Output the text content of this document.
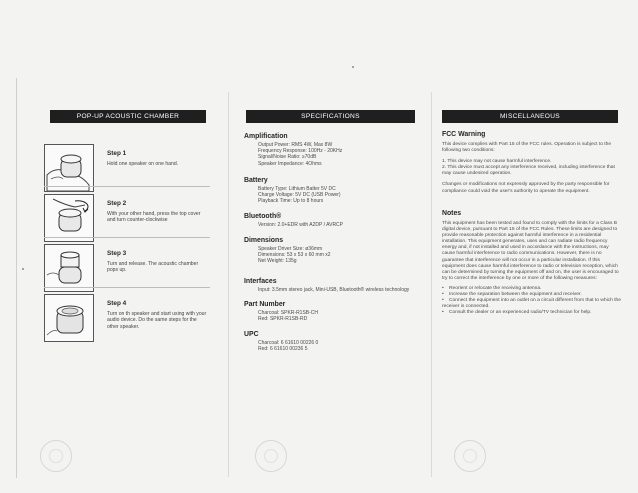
POP-UP ACOUSTIC CHAMBER
Step 1
Hold one speaker on one hand.
Step 2
With your other hand, press the top cover and turn counter-clockwise
Step 3
Turn and release. The acoustic chamber pops up.
Step 4
Turn on th speaker and start using with your audio device. Do the same steps for the other speaker.
SPECIFICATIONS
Amplification
Output Power: RMS 4W, Max 8W
Frequency Response: 100Hz - 20KHz
Signal/Noise Ratio: ≥70dB
Speaker Impedance: 4Ohms
Battery
Battery Type: Lithium Batter 5V DC
Charge Voltage: 5V DC (USB Power)
Playback Time: Up to 8 hours
Bluetooth®
Version: 2.0+EDR with A2DP / AVRCP
Dimensions
Speaker Driver Size: ø36mm
Dimensions: 53 x 53 x 60 mm x2
Net Weight: 135g
Interfaces
Input: 3.5mm stereo jack, Mini-USB, Bluetooth® wireless technology
Part Number
Charcoal: SPKR-R1SB-CH
Red: SPKR-R1SB-RD
UPC
Charcoal: 6 61610 00226 0
Red: 6 61610 00236 5
MISCELLANEOUS
FCC Warning

This device complies with Part 15 of the FCC rules. Operation is subject to the following two conditions:

1. This device may not cause harmful interference.

2. This device must accept any interference received, including interference that may cause undesired operation.

Changes or modifications not expressly approved by the party responsible for compliance could void the user's authority to operate the equipment.

Notes

This equipment has been tested and found to comply with the limits for a Class B digital device, pursuant to Part 15 of the FCC Rules. These limits are designed to provide reasonable protection against harmful interference in a residential installation. This equipment generates, uses and can radiate radio frequency energy and, if not installed and used in accordance with the instructions, may cause harmful interference to radio communications. However, there is no guarantee that interference will not occur in a particular installation. If this equipment does cause harmful interference to radio or television reception, which can be determined by turning the equipment off and on, the user is encouraged to try to correct the interference by one or more of the following measures:

• Reorient or relocate the receiving antenna.
• Increase the separation between the equipment and receiver.
• Connect the equipment into an outlet on a circuit different from that to which the receiver is connected.
• Consult the dealer or an experienced radio/TV technician for help.
